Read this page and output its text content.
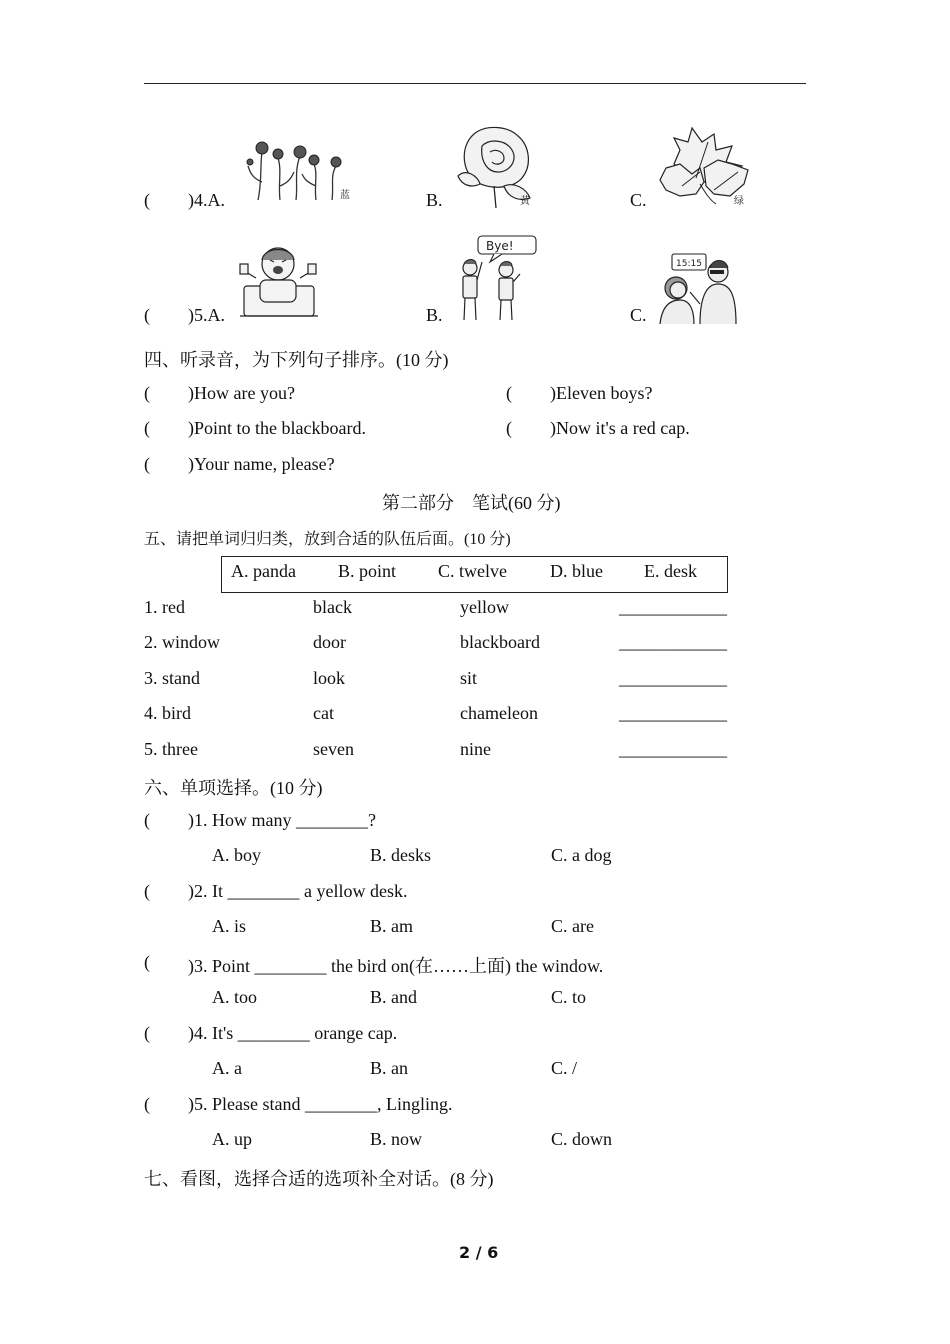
( )4.A.	蓝	B.	黄	C.	绿
( )5.A.	B.
Bye!
C.
15:15
四、听录音，为下列句子排序。(10 分)
( )How are you?	( )Eleven boys?
( )Point to the blackboard.	( )Now it's a red cap.
( )Your name, please?
第二部分　笔试(60 分)
五、请把单词归归类，放到合适的队伍后面。(10 分)
A. panda B. point C. twelve D. blue E. desk
1. red	black	yellow	____________
2. window	door	blackboard	____________
3. stand	look	sit	____________
4. bird	cat	chameleon	____________
5. three	seven	nine	____________
六、单项选择。(10 分)
( )1. How many ________?
A. boy	B. desks	C. a dog
( )2. It ________ a yellow desk.
A. is	B. am	C. are
( )3. Point ________ the bird on(在……上面) the window.
A. too	B. and	C. to
( )4. It's ________ orange cap.
A. a	B. an	C. /
( )5. Please stand ________, Lingling.
A. up	B. now	C. down
七、看图，选择合适的选项补全对话。(8 分)
2 / 6
